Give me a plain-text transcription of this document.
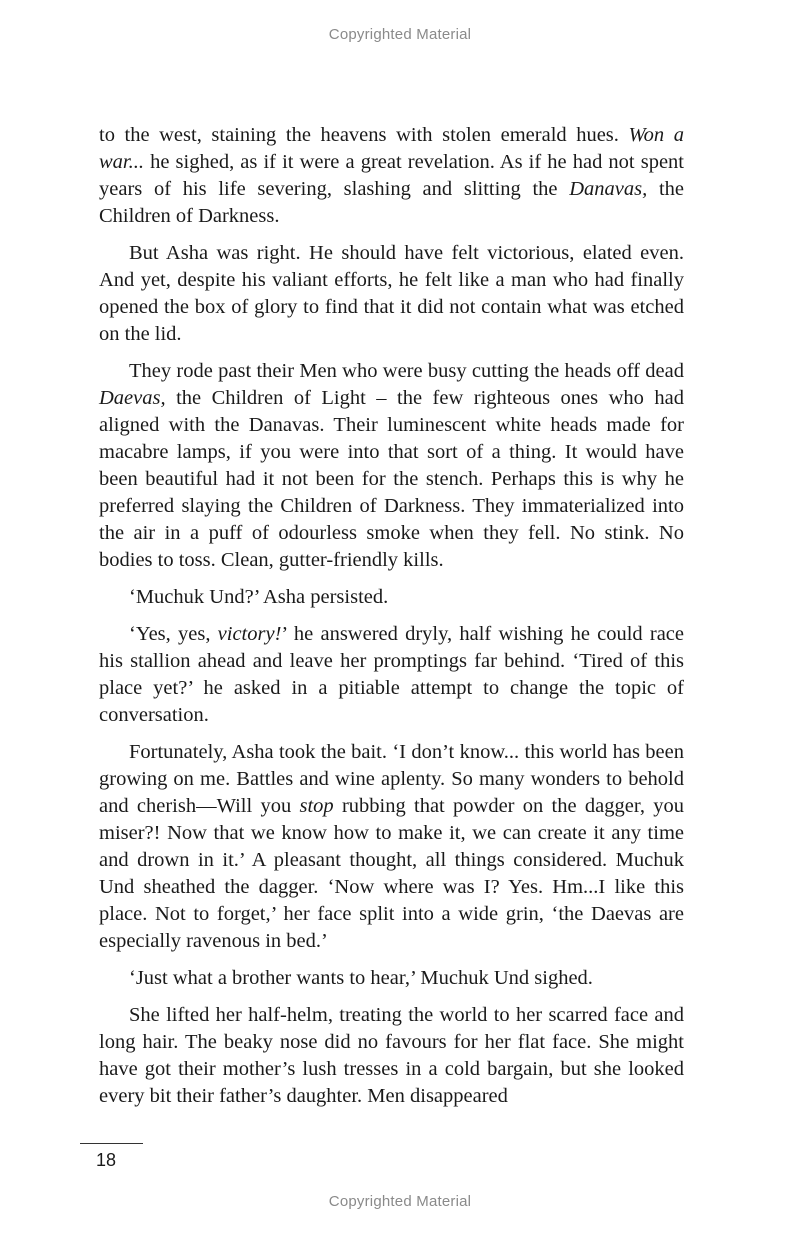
Copyrighted Material

to the west, staining the heavens with stolen emerald hues. Won a war... he sighed, as if it were a great revelation. As if he had not spent years of his life severing, slashing and slitting the Danavas, the Children of Darkness.

But Asha was right. He should have felt victorious, elated even. And yet, despite his valiant efforts, he felt like a man who had finally opened the box of glory to find that it did not contain what was etched on the lid.

They rode past their Men who were busy cutting the heads off dead Daevas, the Children of Light – the few righteous ones who had aligned with the Danavas. Their luminescent white heads made for macabre lamps, if you were into that sort of a thing. It would have been beautiful had it not been for the stench. Perhaps this is why he preferred slaying the Children of Darkness. They immaterialized into the air in a puff of odourless smoke when they fell. No stink. No bodies to toss. Clean, gutter-friendly kills.

‘Muchuk Und?’ Asha persisted.

‘Yes, yes, victory!’ he answered dryly, half wishing he could race his stallion ahead and leave her promptings far behind. ‘Tired of this place yet?’ he asked in a pitiable attempt to change the topic of conversation.

Fortunately, Asha took the bait. ‘I don’t know... this world has been growing on me. Battles and wine aplenty. So many wonders to behold and cherish—Will you stop rubbing that powder on the dagger, you miser?! Now that we know how to make it, we can create it any time and drown in it.’ A pleasant thought, all things considered. Muchuk Und sheathed the dagger. ‘Now where was I? Yes. Hm...I like this place. Not to forget,’ her face split into a wide grin, ‘the Daevas are especially ravenous in bed.’

‘Just what a brother wants to hear,’ Muchuk Und sighed.

She lifted her half-helm, treating the world to her scarred face and long hair. The beaky nose did no favours for her flat face. She might have got their mother’s lush tresses in a cold bargain, but she looked every bit their father’s daughter. Men disappeared

18
Copyrighted Material
